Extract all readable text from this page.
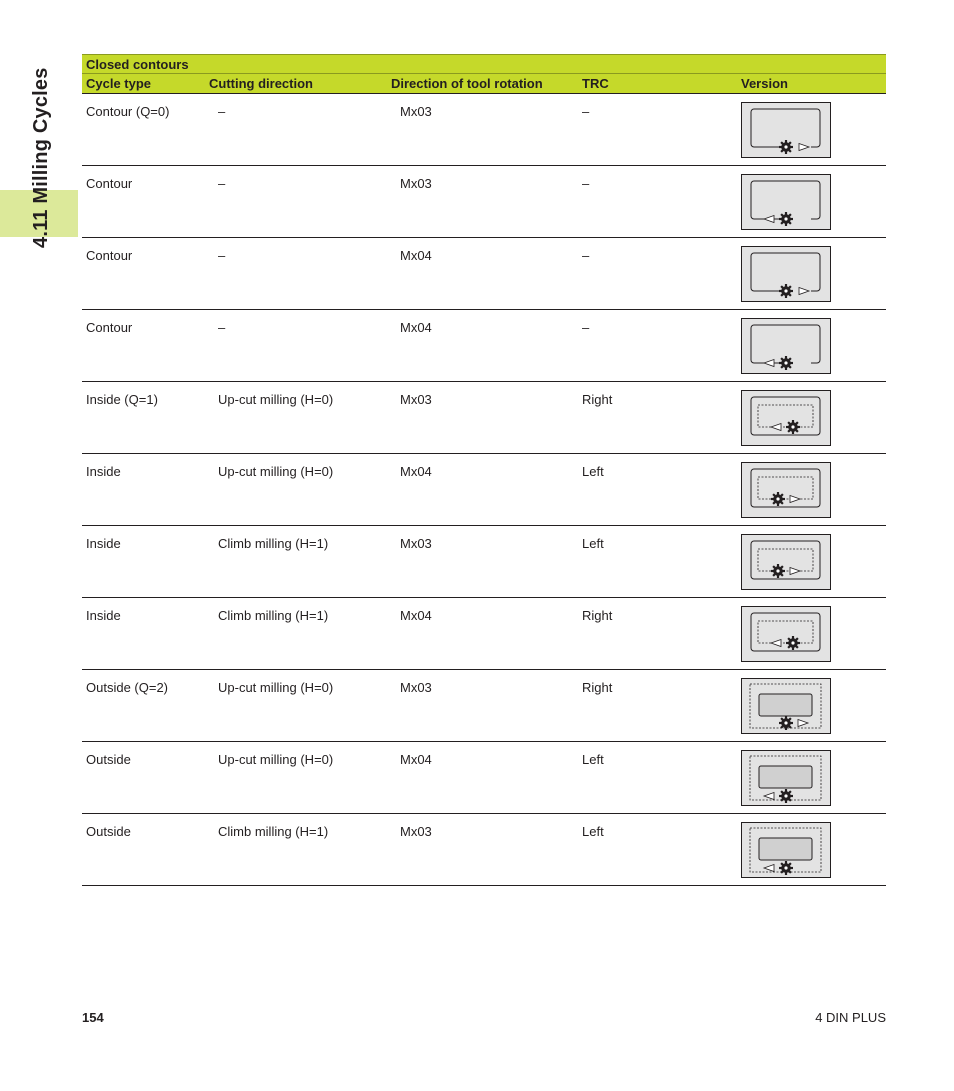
4.11 Milling Cycles
Closed contours
Cycle type	Cutting direction	Direction of tool rotation	TRC	Version
Contour (Q=0)	–	Mx03	–
Contour	–	Mx03	–
Contour	–	Mx04	–
Contour	–	Mx04	–
Inside (Q=1)	Up-cut milling (H=0)	Mx03	Right
Inside	Up-cut milling (H=0)	Mx04	Left
Inside	Climb milling (H=1)	Mx03	Left
Inside	Climb milling (H=1)	Mx04	Right
Outside (Q=2)	Up-cut milling (H=0)	Mx03	Right
Outside	Up-cut milling (H=0)	Mx04	Left
Outside	Climb milling (H=1)	Mx03	Left
154	4 DIN PLUS
